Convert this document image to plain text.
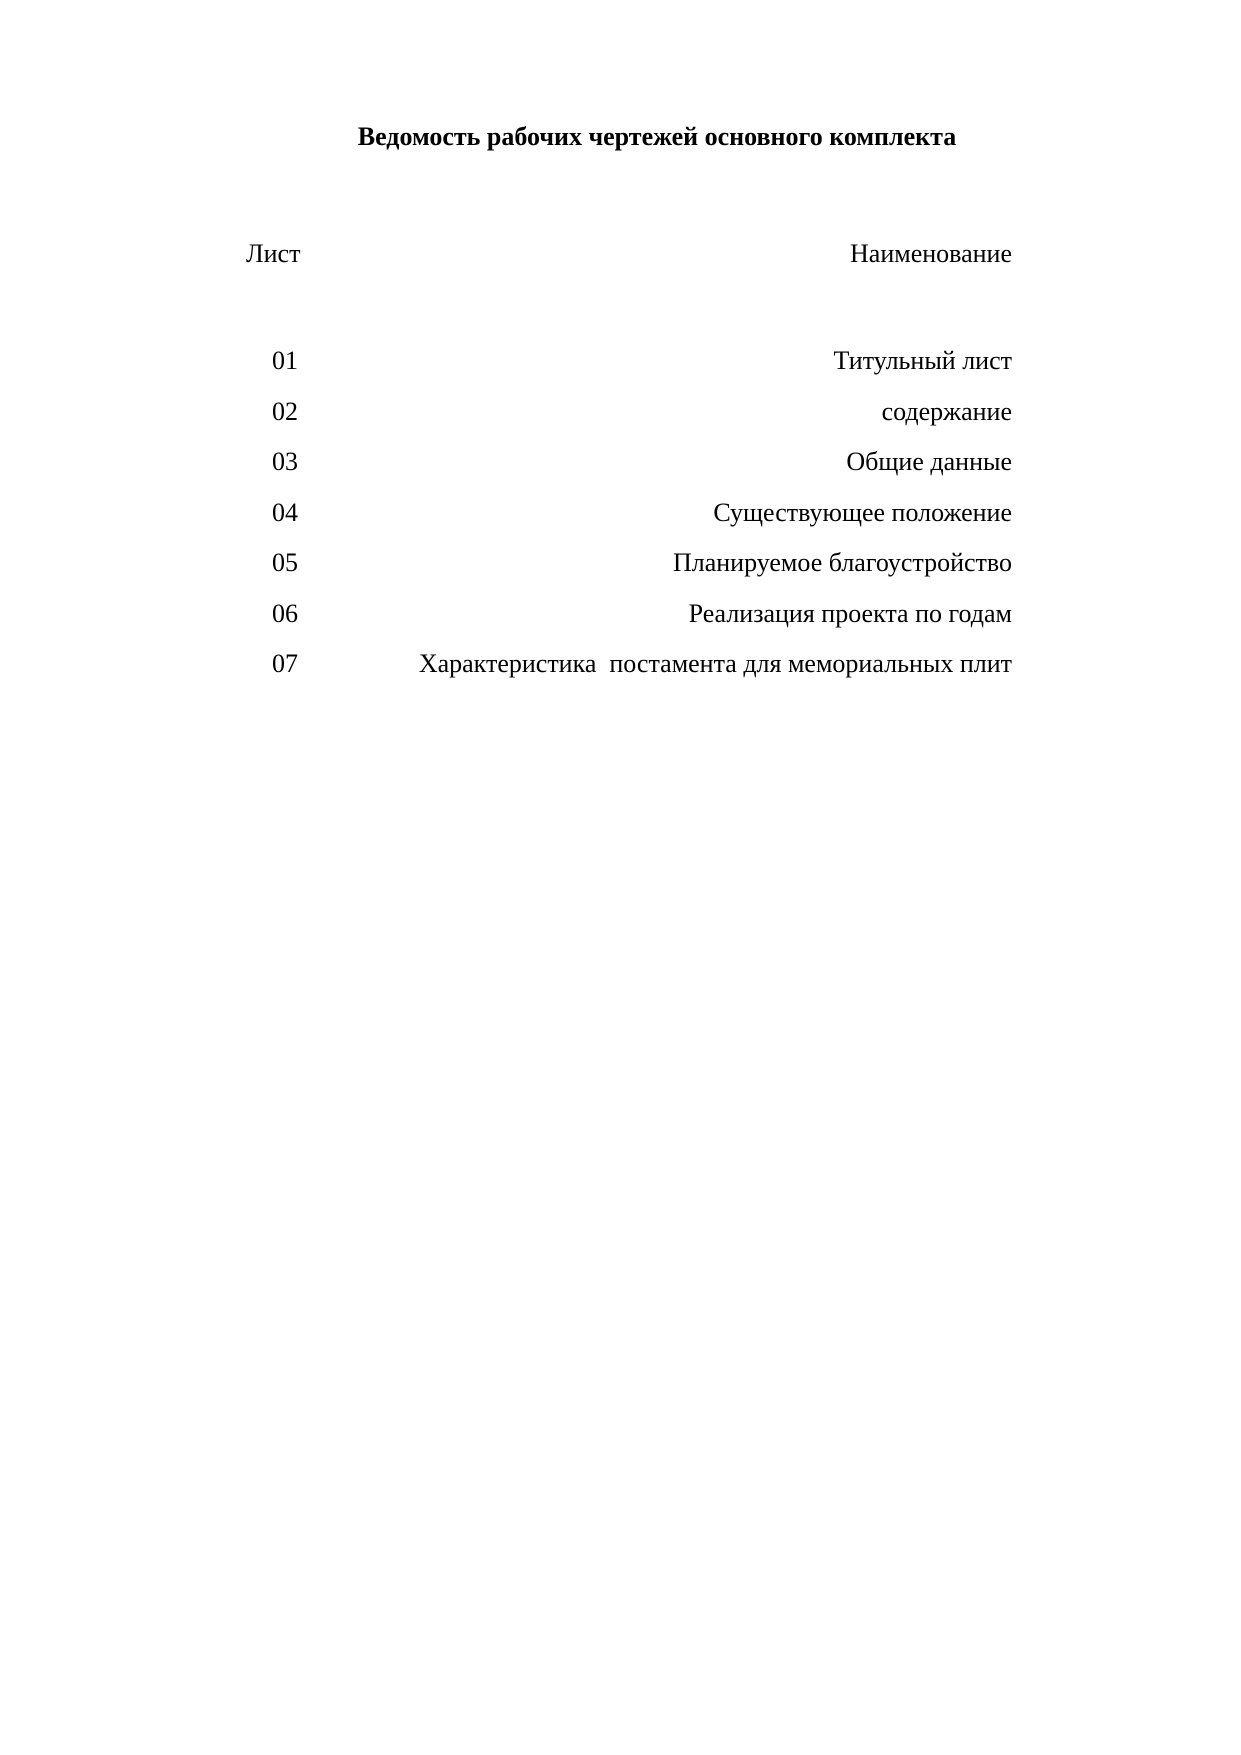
Ведомость рабочих чертежей основного комплекта
Лист	Наименование
01	Титульный лист
02	содержание
03	Общие данные
04	Существующее положение
05	Планируемое благоустройство
06	Реализация проекта по годам
07	Характеристика  постамента для мемориальных плит
